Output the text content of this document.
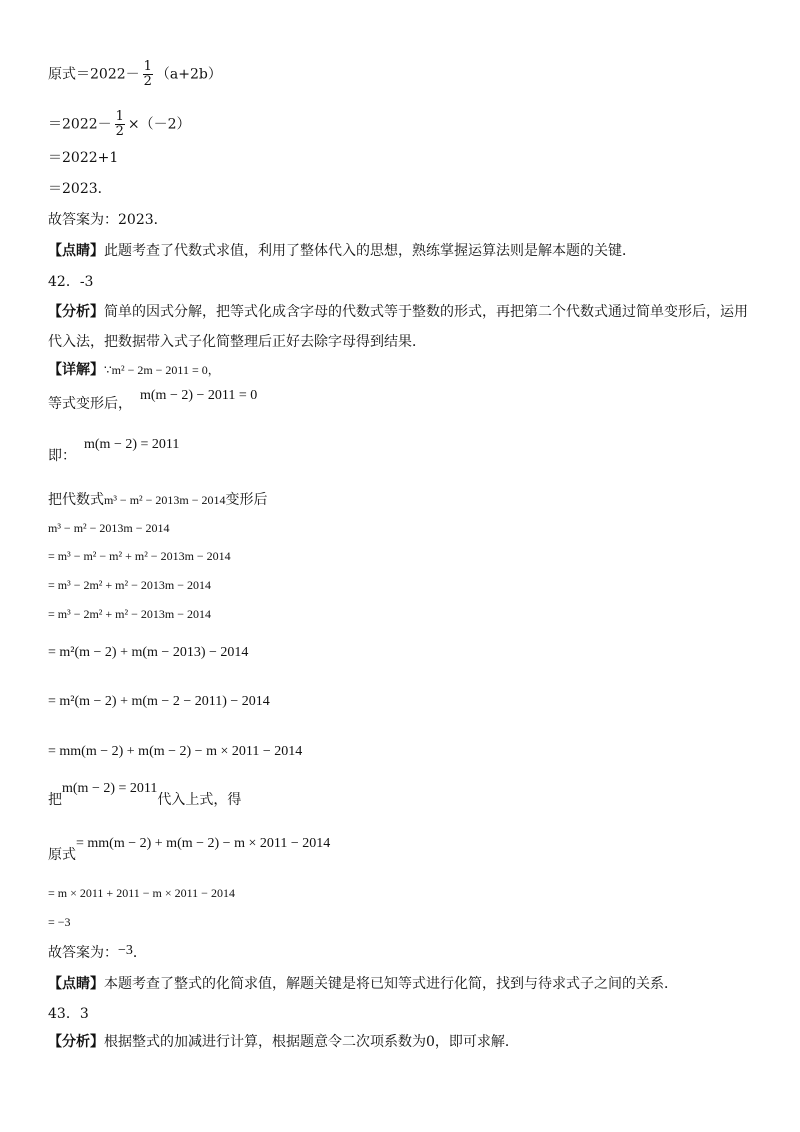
原式$=2022- \frac{1}{2} (a+2b)$
$=2022- \frac{1}{2} \times(-2)$
＝2022+1
＝2023．
故答案为：2023．
【点睛】此题考查了代数式求值，利用了整体代入的思想，熟练掌握运算法则是解本题的关键．
42．-3
【分析】简单的因式分解，把等式化成含字母的代数式等于整数的形式，再把第二个代数式通过简单变形后，运用代入法，把数据带入式子化简整理后正好去除字母得到结果．
【详解】∵m² − 2m − 2011 = 0，
等式变形后，m(m − 2) − 2011 = 0
即：m(m − 2) = 2011
把代数式m³ − m² − 2013m − 2014变形后
m³ − m² − 2013m − 2014
= m³ − m² − m² + m² − 2013m − 2014
= m³ − 2m² + m² − 2013m − 2014
= m³ − 2m² + m² − 2013m − 2014
= m²(m − 2) + m(m − 2013) − 2014
= m²(m − 2) + m(m − 2 − 2011) − 2014
= mm(m − 2) + m(m − 2) − m × 2011 − 2014
把m(m − 2) = 2011代入上式，得
原式= mm(m − 2) + m(m − 2) − m × 2011 − 2014
= m × 2011 + 2011 − m × 2011 − 2014
= −3
故答案为：−3．
【点睛】本题考查了整式的化简求值，解题关键是将已知等式进行化简，找到与待求式子之间的关系．
43．3
【分析】根据整式的加减进行计算，根据题意令二次项系数为0，即可求解．
